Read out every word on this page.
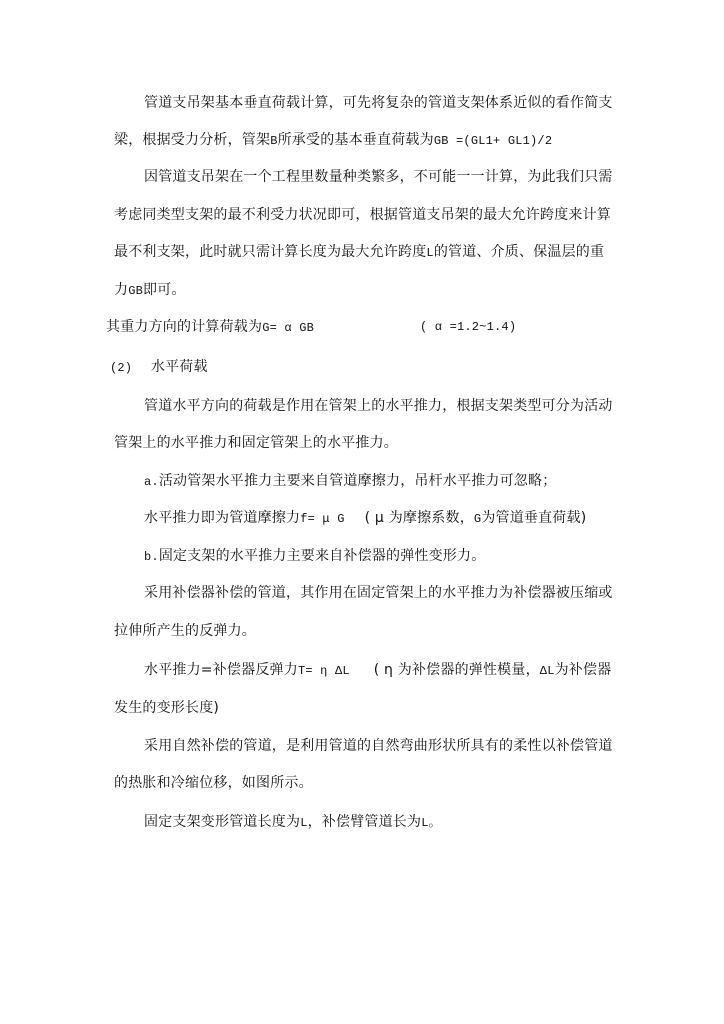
管道支吊架基本垂直荷载计算，可先将复杂的管道支架体系近似的看作简支
梁，根据受力分析，管架B所承受的基本垂直荷载为GB =(GL1+ GL1)/2
因管道支吊架在一个工程里数量种类繁多，不可能一一计算，为此我们只需
考虑同类型支架的最不利受力状况即可，根据管道支吊架的最大允许跨度来计算
最不利支架，此时就只需计算长度为最大允许跨度L的管道、介质、保温层的重
力GB即可。
其重力方向的计算荷载为G= α GB	( α =1.2~1.4)
(2) 水平荷载
管道水平方向的荷载是作用在管架上的水平推力，根据支架类型可分为活动
管架上的水平推力和固定管架上的水平推力。
a.活动管架水平推力主要来自管道摩擦力，吊杆水平推力可忽略；
水平推力即为管道摩擦力f= μ G ( μ 为摩擦系数，G为管道垂直荷载)
b.固定支架的水平推力主要来自补偿器的弹性变形力。
采用补偿器补偿的管道，其作用在固定管架上的水平推力为补偿器被压缩或
拉伸所产生的反弹力。
水平推力=补偿器反弹力T= η ΔL ( η 为补偿器的弹性模量，ΔL为补偿器
发生的变形长度)
采用自然补偿的管道，是利用管道的自然弯曲形状所具有的柔性以补偿管道
的热胀和冷缩位移，如图所示。
固定支架变形管道长度为L，补偿臂管道长为L。
